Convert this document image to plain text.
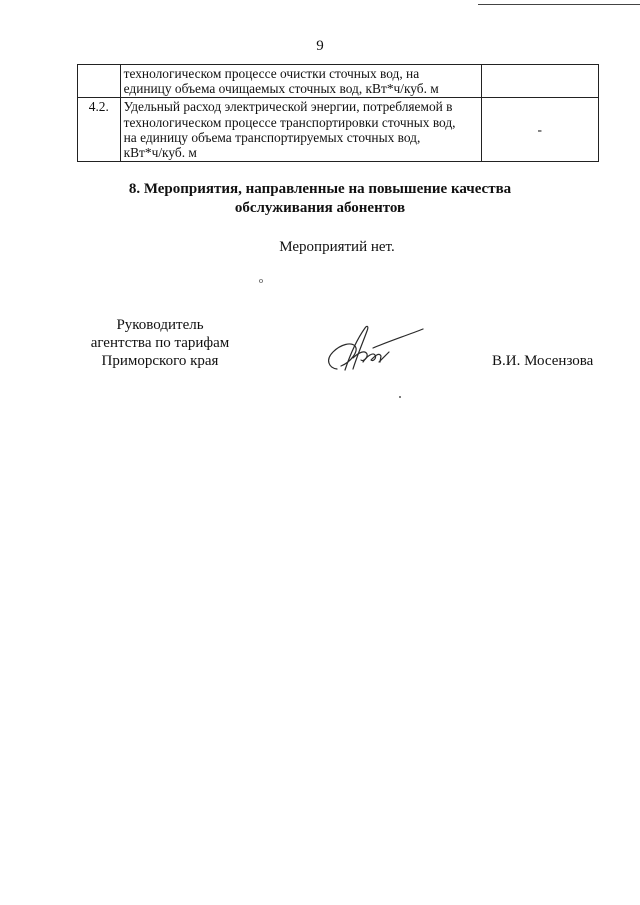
9

	технологическом процессе очистки сточных вод, на
единицу объема очищаемых сточных вод, кВт*ч/куб. м	

4.2.	Удельный расход электрической энергии, потребляемой в
технологическом процессе транспортировки сточных вод,
на единицу объема транспортируемых сточных вод,
кВт*ч/куб. м	-
8. Мероприятия, направленные на повышение качества
обслуживания абонентов
Мероприятий нет.
o
Руководитель
агентства по тарифам
Приморского края	В.И. Мосензова
